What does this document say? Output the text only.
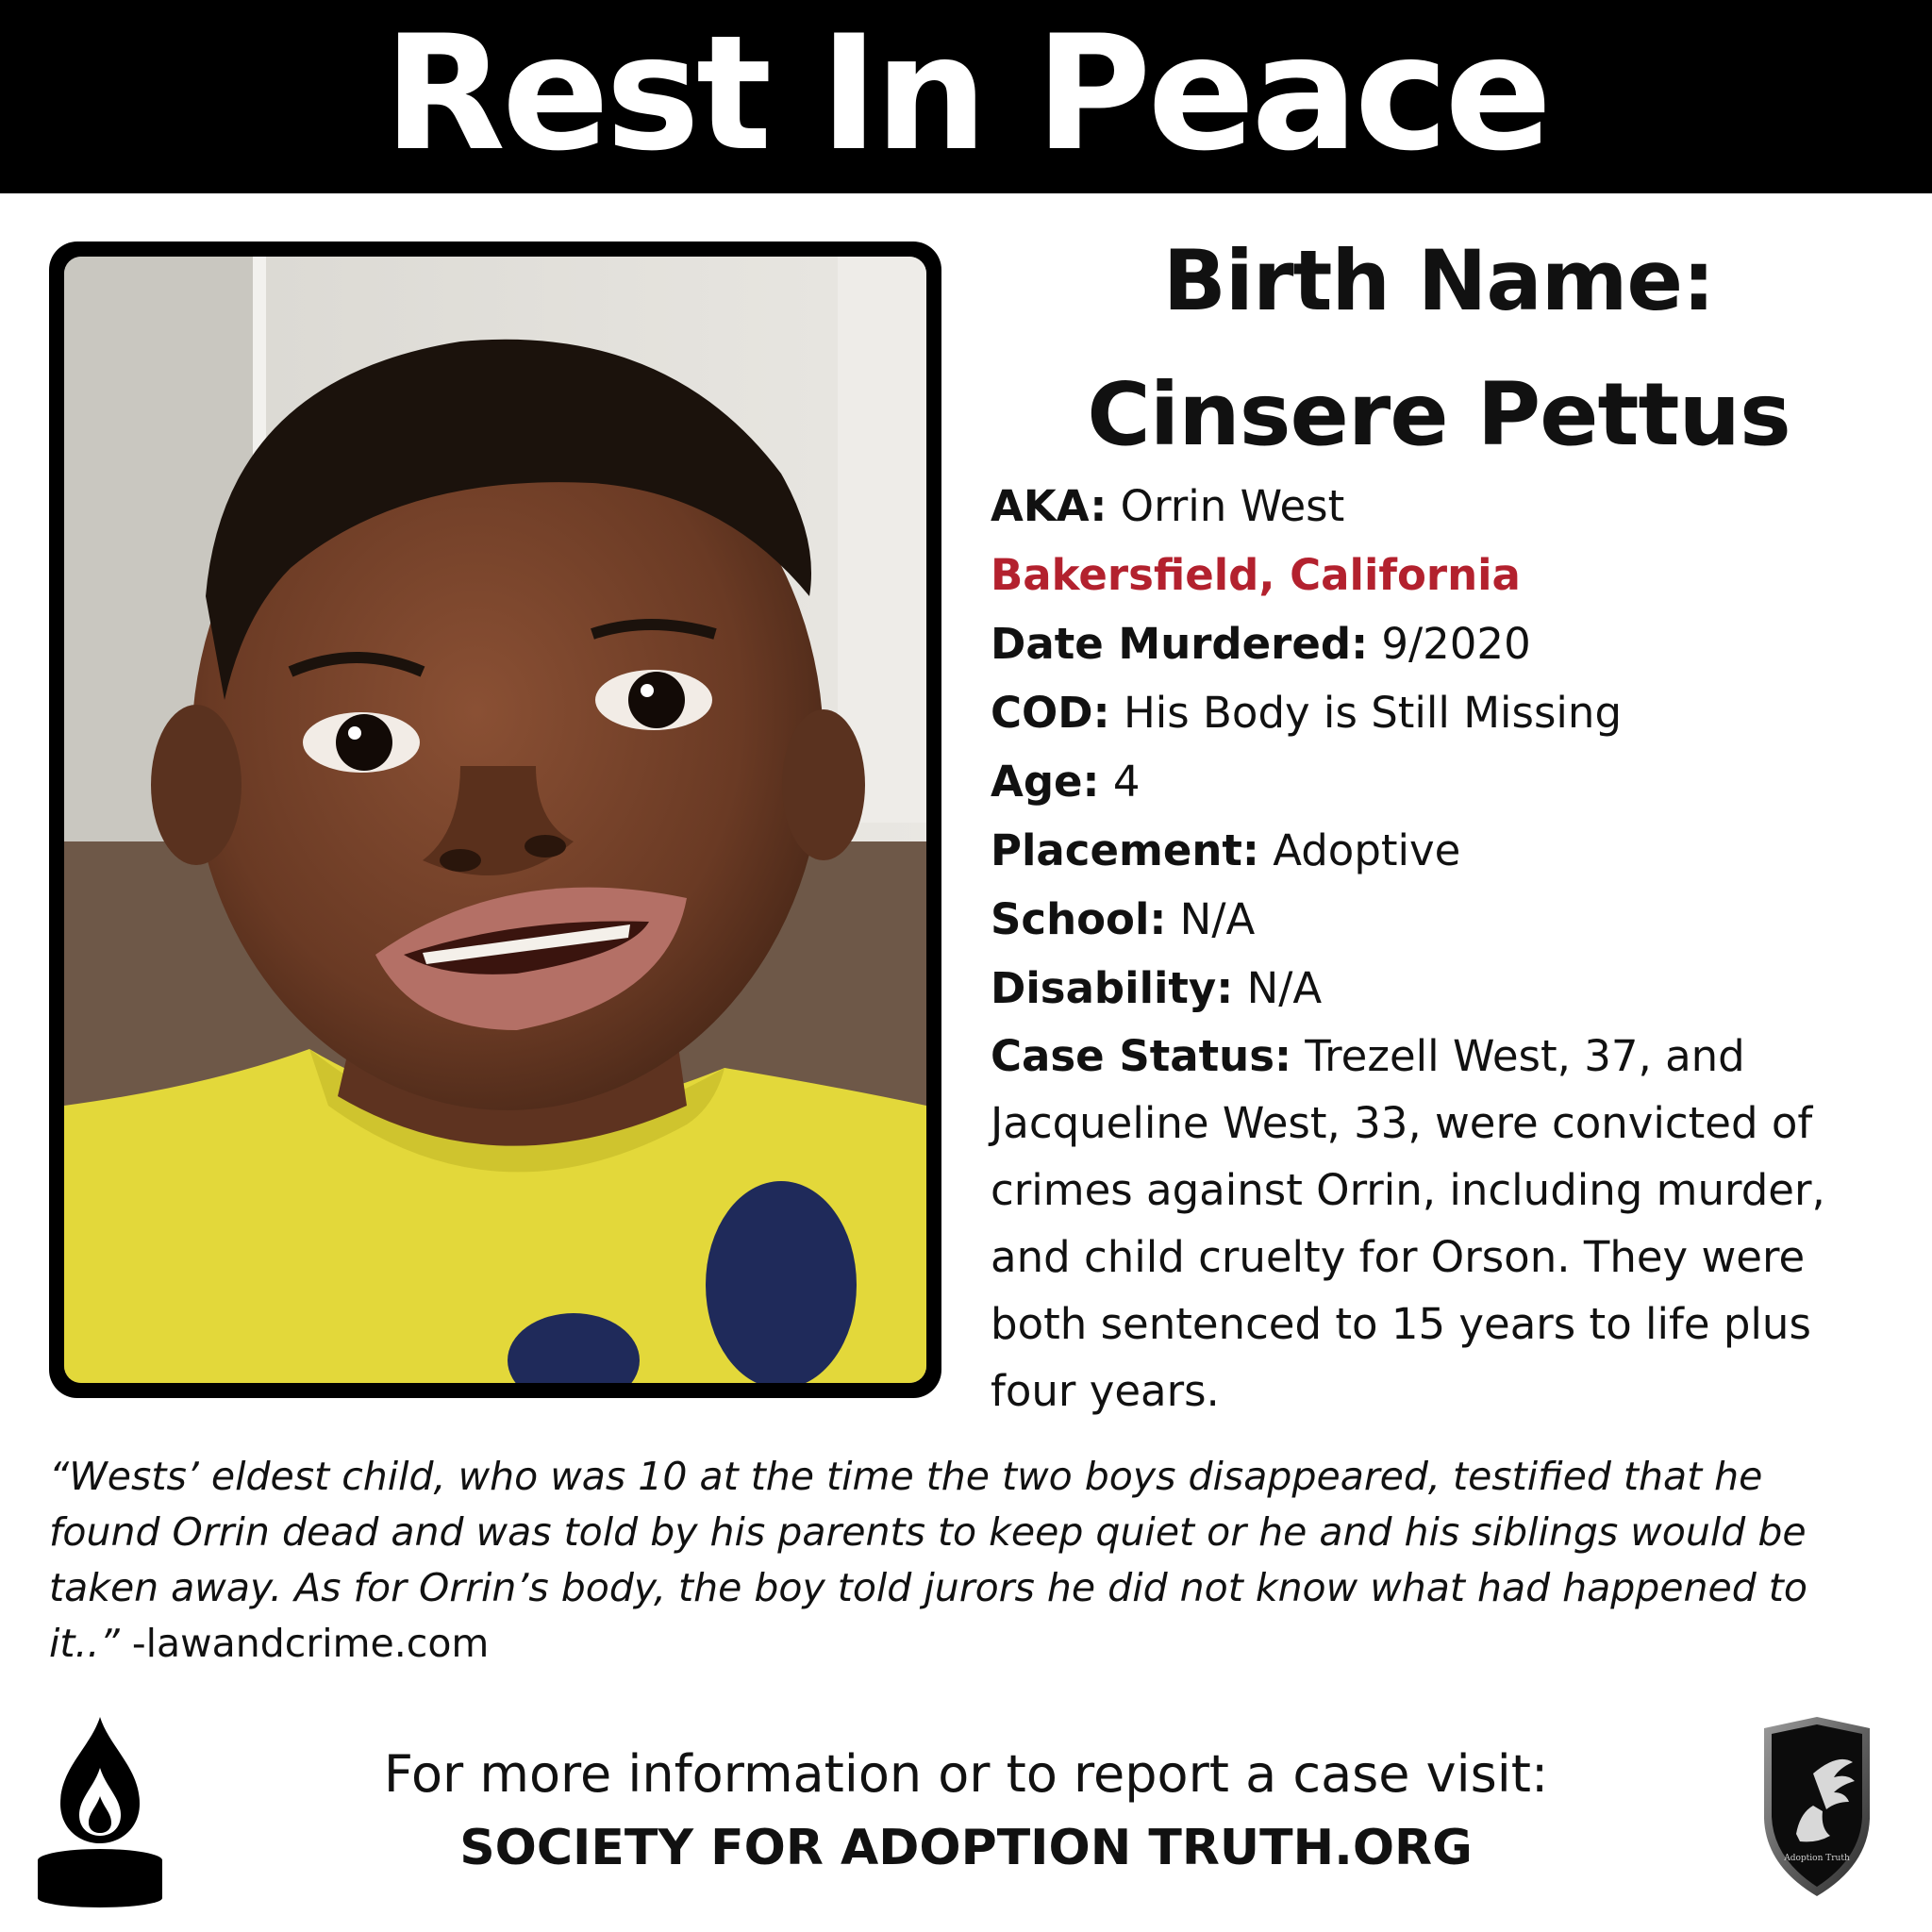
Rest In Peace
Birth Name:
Cinsere Pettus
AKA: Orrin West
Bakersfield, California
Date Murdered: 9/2020
COD: His Body is Still Missing
Age: 4
Placement: Adoptive
School: N/A
Disability: N/A
Case Status: Trezell West, 37, and Jacqueline West, 33, were convicted of crimes against Orrin, including murder, and child cruelty for Orson. They were both sentenced to 15 years to life plus four years.
“Wests’ eldest child, who was 10 at the time the two boys disappeared, testified that he found Orrin dead and was told by his parents to keep quiet or he and his siblings would be taken away. As for Orrin’s body, the boy told jurors he did not know what had happened to it..” -lawandcrime.com
For more information or to report a case visit:
SOCIETY FOR ADOPTION TRUTH.ORG	Adoption Truth
